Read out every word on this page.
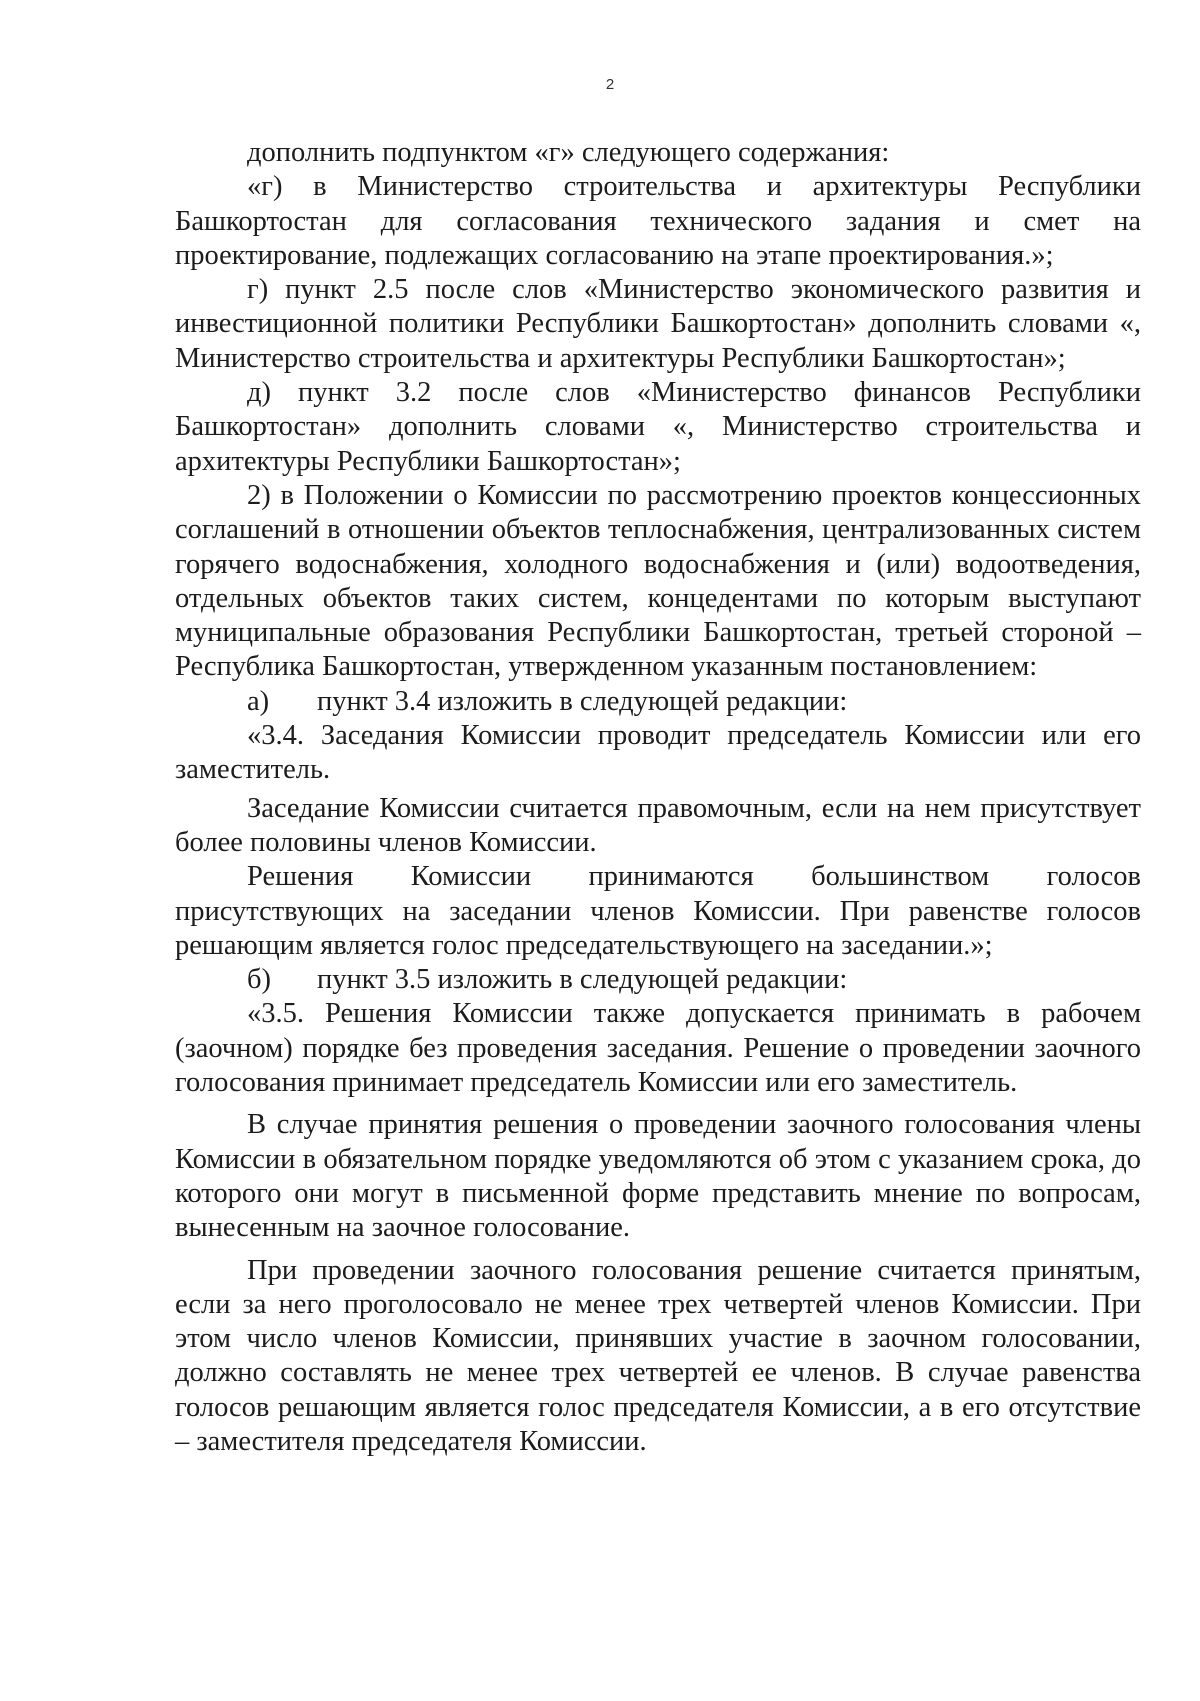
2

дополнить подпунктом «г» следующего содержания:

«г) в Министерство строительства и архитектуры Республики Башкортостан для согласования технического задания и смет на проектирование, подлежащих согласованию на этапе проектирования.»;

г) пункт 2.5 после слов «Министерство экономического развития и инвестиционной политики Республики Башкортостан» дополнить словами «, Министерство строительства и архитектуры Республики Башкортостан»;

д) пункт 3.2 после слов «Министерство финансов Республики Башкортостан» дополнить словами «, Министерство строительства и архитектуры Республики Башкортостан»;

2) в Положении о Комиссии по рассмотрению проектов концессионных соглашений в отношении объектов теплоснабжения, централизованных систем горячего водоснабжения, холодного водоснабжения и (или) водоотведения, отдельных объектов таких систем, концедентами по которым выступают муниципальные образования Республики Башкортостан, третьей стороной – Республика Башкортостан, утвержденном указанным постановлением:

а) пункт 3.4 изложить в следующей редакции:

«3.4. Заседания Комиссии проводит председатель Комиссии или его заместитель.

Заседание Комиссии считается правомочным, если на нем присутствует более половины членов Комиссии.

Решения Комиссии принимаются большинством голосов присутствующих на заседании членов Комиссии. При равенстве голосов решающим является голос председательствующего на заседании.»;

б) пункт 3.5 изложить в следующей редакции:

«3.5. Решения Комиссии также допускается принимать в рабочем (заочном) порядке без проведения заседания. Решение о проведении заочного голосования принимает председатель Комиссии или его заместитель.

В случае принятия решения о проведении заочного голосования члены Комиссии в обязательном порядке уведомляются об этом с указанием срока, до которого они могут в письменной форме представить мнение по вопросам, вынесенным на заочное голосование.

При проведении заочного голосования решение считается принятым, если за него проголосовало не менее трех четвертей членов Комиссии. При этом число членов Комиссии, принявших участие в заочном голосовании, должно составлять не менее трех четвертей ее членов. В случае равенства голосов решающим является голос председателя Комиссии, а в его отсутствие – заместителя председателя Комиссии.
